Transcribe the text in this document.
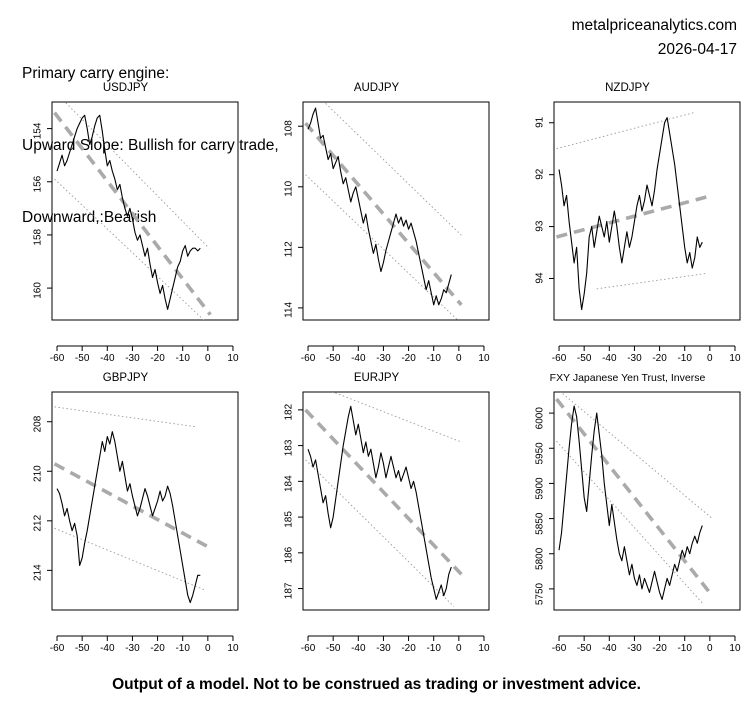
Primary carry engine:

Upward Slope: Bullish for carry trade,

Downward,:Bearish

metalpriceanalytics.com
2026-04-17
USDJPY
154
156
158
160
-60 -50 -40 -30 -20 -10 0 10
AUDJPY
108
110
112
114
-60 -50 -40 -30 -20 -10 0 10
NZDJPY
91
92
93
94
-60 -50 -40 -30 -20 -10 0 10
GBPJPY
208
210
212
214
-60 -50 -40 -30 -20 -10 0 10
EURJPY
182
183
184
185
186
187
-60 -50 -40 -30 -20 -10 0 10
FXY Japanese Yen Trust, Inverse
5750
5800
5850
5900
5950
6000
-60 -50 -40 -30 -20 -10 0 10
Output of a model. Not to be construed as trading or investment advice.
